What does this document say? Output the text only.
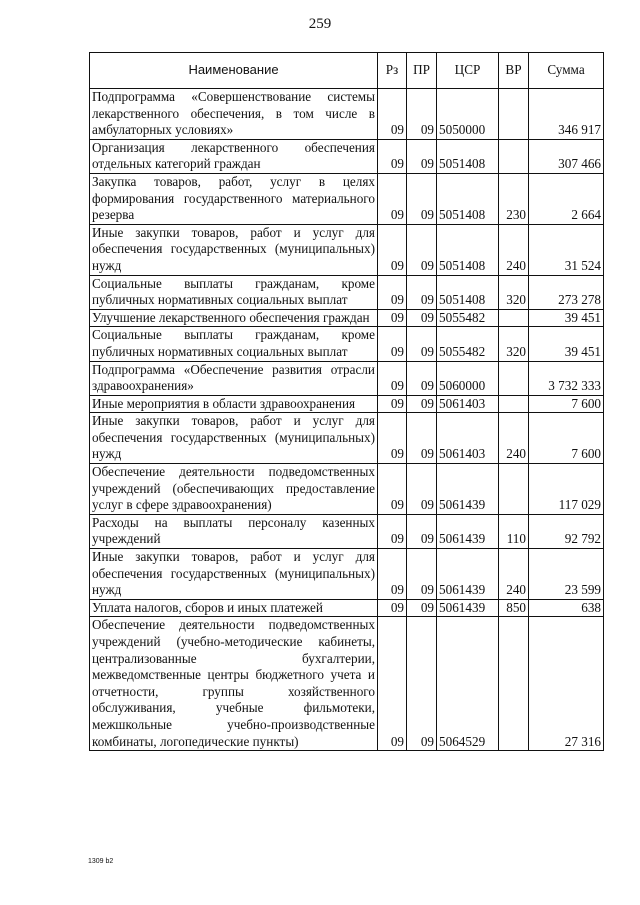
259
Наименование	Рз	ПР	ЦСР	ВР	Сумма
Подпрограмма «Совершенствование системы лекарственного обеспечения, в том числе в амбулаторных условиях»	09	09	5050000		346 917
Организация лекарственного обеспечения отдельных категорий граждан	09	09	5051408		307 466
Закупка товаров, работ, услуг в целях формирования государственного материального резерва	09	09	5051408	230	2 664
Иные закупки товаров, работ и услуг для обеспечения государственных (муниципальных) нужд	09	09	5051408	240	31 524
Социальные выплаты гражданам, кроме публичных нормативных социальных выплат	09	09	5051408	320	273 278
Улучшение лекарственного обеспечения граждан	09	09	5055482		39 451
Социальные выплаты гражданам, кроме публичных нормативных социальных выплат	09	09	5055482	320	39 451
Подпрограмма «Обеспечение развития отрасли здравоохранения»	09	09	5060000		3 732 333
Иные мероприятия в области здравоохранения	09	09	5061403		7 600
Иные закупки товаров, работ и услуг для обеспечения государственных (муниципальных) нужд	09	09	5061403	240	7 600
Обеспечение деятельности подведомственных учреждений (обеспечивающих предоставление услуг в сфере здравоохранения)	09	09	5061439		117 029
Расходы на выплаты персоналу казенных учреждений	09	09	5061439	110	92 792
Иные закупки товаров, работ и услуг для обеспечения государственных (муниципальных) нужд	09	09	5061439	240	23 599
Уплата налогов, сборов и иных платежей	09	09	5061439	850	638
Обеспечение деятельности подведомственных учреждений (учебно-методические кабинеты, централизованные бухгалтерии, межведомственные центры бюджетного учета и отчетности, группы хозяйственного обслуживания, учебные фильмотеки, межшкольные учебно-производственные комбинаты, логопедические пункты)	09	09	5064529		27 316
1309 b2
